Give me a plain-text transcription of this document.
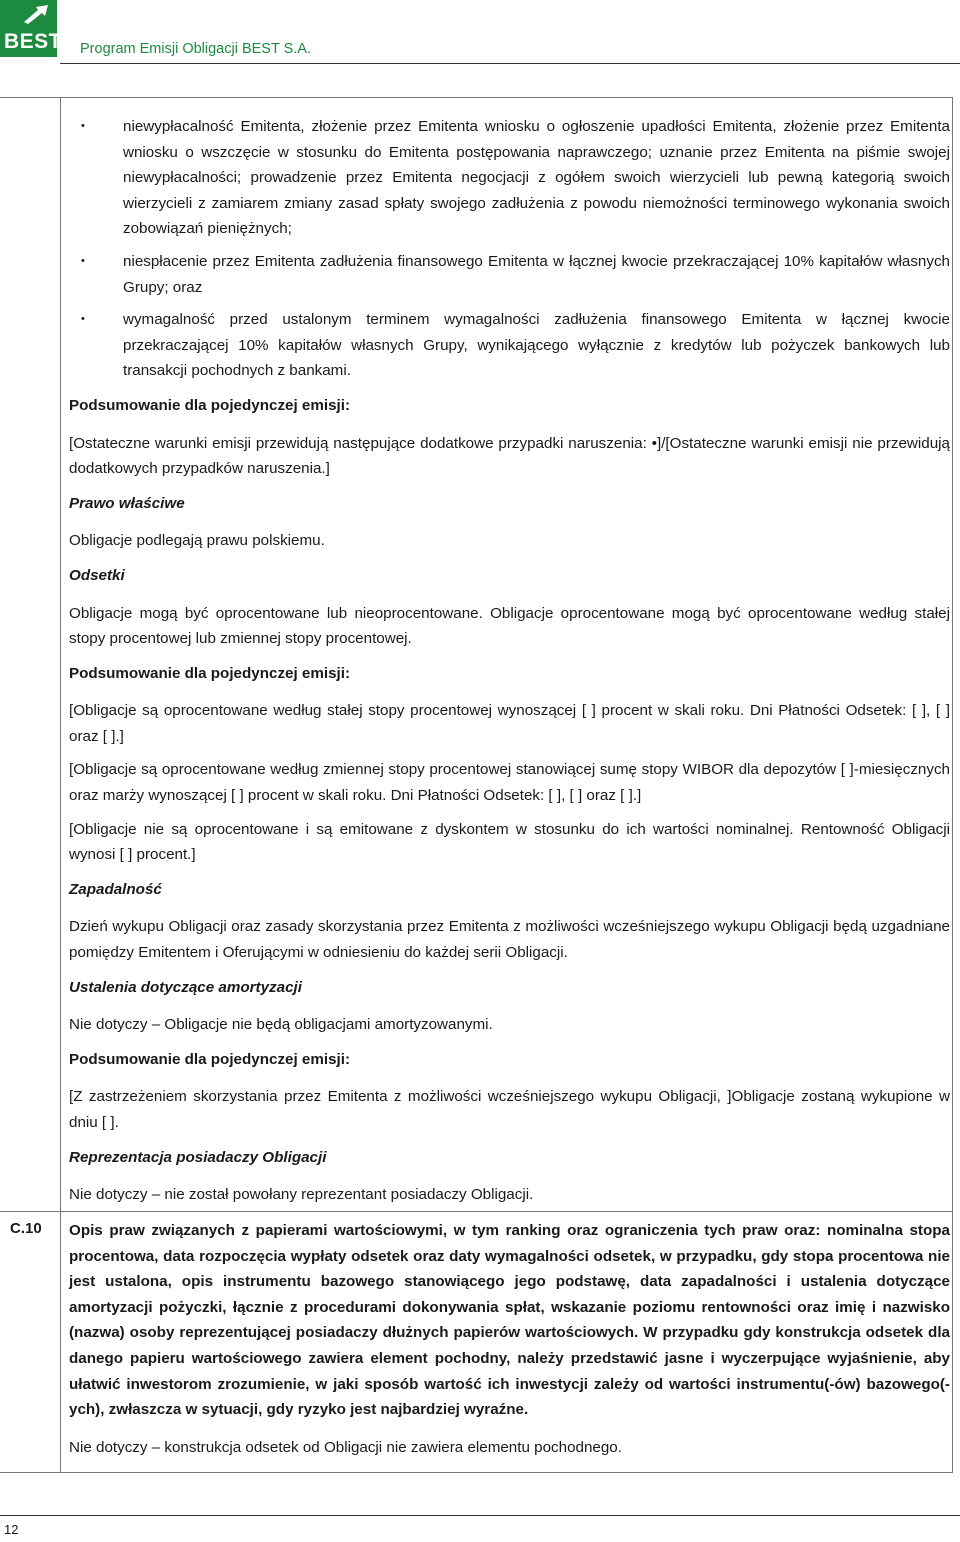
BEST Program Emisji Obligacji BEST S.A.
•	niewypłacalność Emitenta, złożenie przez Emitenta wniosku o ogłoszenie upadłości Emitenta, złożenie przez Emitenta wniosku o wszczęcie w stosunku do Emitenta postępowania naprawczego; uznanie przez Emitenta na piśmie swojej niewypłacalności; prowadzenie przez Emitenta negocjacji z ogółem swoich wierzycieli lub pewną kategorią swoich wierzycieli z zamiarem zmiany zasad spłaty swojego zadłużenia z powodu niemożności terminowego wykonania swoich zobowiązań pieniężnych;
•	niespłacenie przez Emitenta zadłużenia finansowego Emitenta w łącznej kwocie przekraczającej 10% kapitałów własnych Grupy; oraz
•	wymagalność przed ustalonym terminem wymagalności zadłużenia finansowego Emitenta w łącznej kwocie przekraczającej 10% kapitałów własnych Grupy, wynikającego wyłącznie z kredytów lub pożyczek bankowych lub transakcji pochodnych z bankami.
Podsumowanie dla pojedynczej emisji:

[Ostateczne warunki emisji przewidują następujące dodatkowe przypadki naruszenia: •]/[Ostateczne warunki emisji nie przewidują dodatkowych przypadków naruszenia.]

Prawo właściwe

Obligacje podlegają prawu polskiemu.

Odsetki

Obligacje mogą być oprocentowane lub nieoprocentowane. Obligacje oprocentowane mogą być oprocentowane według stałej stopy procentowej lub zmiennej stopy procentowej.

Podsumowanie dla pojedynczej emisji:

[Obligacje są oprocentowane według stałej stopy procentowej wynoszącej [ ] procent w skali roku. Dni Płatności Odsetek: [ ], [ ] oraz [ ].]

[Obligacje są oprocentowane według zmiennej stopy procentowej stanowiącej sumę stopy WIBOR dla depozytów [ ]-miesięcznych oraz marży wynoszącej [ ] procent w skali roku. Dni Płatności Odsetek: [ ], [ ] oraz [ ].]

[Obligacje nie są oprocentowane i są emitowane z dyskontem w stosunku do ich wartości nominalnej. Rentowność Obligacji wynosi [ ] procent.]

Zapadalność

Dzień wykupu Obligacji oraz zasady skorzystania przez Emitenta z możliwości wcześniejszego wykupu Obligacji będą uzgadniane pomiędzy Emitentem i Oferującymi w odniesieniu do każdej serii Obligacji.

Ustalenia dotyczące amortyzacji

Nie dotyczy – Obligacje nie będą obligacjami amortyzowanymi.

Podsumowanie dla pojedynczej emisji:

[Z zastrzeżeniem skorzystania przez Emitenta z możliwości wcześniejszego wykupu Obligacji, ]Obligacje zostaną wykupione w dniu [ ].

Reprezentacja posiadaczy Obligacji

Nie dotyczy – nie został powołany reprezentant posiadaczy Obligacji.

C.10 Opis praw związanych z papierami wartościowymi, w tym ranking oraz ograniczenia tych praw oraz: nominalna stopa procentowa, data rozpoczęcia wypłaty odsetek oraz daty wymagalności odsetek, w przypadku, gdy stopa procentowa nie jest ustalona, opis instrumentu bazowego stanowiącego jego podstawę, data zapadalności i ustalenia dotyczące amortyzacji pożyczki, łącznie z procedurami dokonywania spłat, wskazanie poziomu rentowności oraz imię i nazwisko (nazwa) osoby reprezentującej posiadaczy dłużnych papierów wartościowych. W przypadku gdy konstrukcja odsetek dla danego papieru wartościowego zawiera element pochodny, należy przedstawić jasne i wyczerpujące wyjaśnienie, aby ułatwić inwestorom zrozumienie, w jaki sposób wartość ich inwestycji zależy od wartości instrumentu(-ów) bazowego(-ych), zwłaszcza w sytuacji, gdy ryzyko jest najbardziej wyraźne.
Nie dotyczy – konstrukcja odsetek od Obligacji nie zawiera elementu pochodnego.
12
